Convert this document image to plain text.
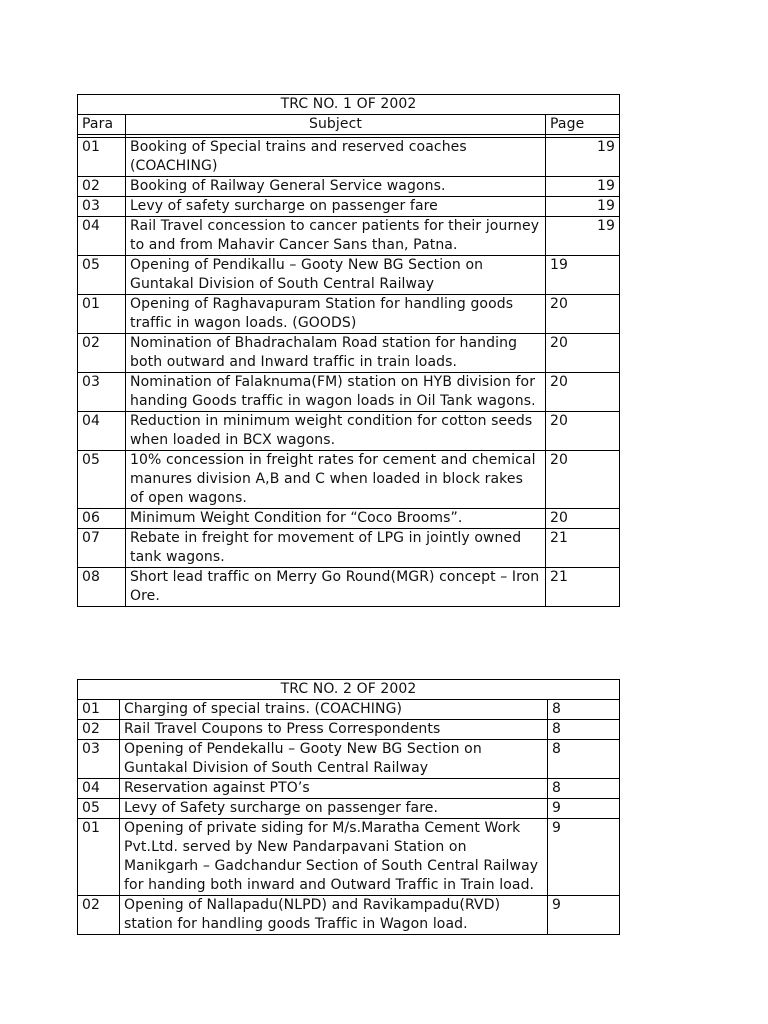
TRC NO. 1 OF 2002		
Para	Subject	Page

01	Booking of Special trains and reserved coaches (COACHING)	19
02	Booking of Railway General Service wagons.	19
03	Levy of safety surcharge on passenger fare	19
04	Rail Travel concession to cancer patients for their journey to and from Mahavir Cancer Sans than, Patna.	19
05	Opening of Pendikallu – Gooty New BG Section on Guntakal Division of South Central Railway	19
01	Opening of Raghavapuram Station for handling goods traffic in wagon loads. (GOODS)	20
02	Nomination of Bhadrachalam Road station for handing both outward and Inward traffic in train loads.	20
03	Nomination of Falaknuma(FM) station on HYB division for handing Goods traffic in wagon loads in Oil Tank wagons.	20
04	Reduction in minimum weight condition for cotton seeds when loaded in BCX wagons.	20
05	10% concession in freight rates for cement and chemical manures division A,B and C when loaded in block rakes of open wagons.	20
06	Minimum Weight Condition for “Coco Brooms”.	20
07	Rebate in freight for movement of LPG in jointly owned tank wagons.	21
08	Short lead traffic on Merry Go Round(MGR) concept – Iron Ore.	21
TRC NO. 2 OF 2002		
01	Charging of special trains. (COACHING)	8
02	Rail Travel Coupons to Press Correspondents	8
03	Opening of Pendekallu – Gooty New BG Section on Guntakal Division of South Central Railway	8
04	Reservation against PTO’s	8
05	Levy of Safety surcharge on passenger fare.	9
01	Opening of private siding for M/s.Maratha Cement Work Pvt.Ltd. served by New Pandarpavani Station on Manikgarh – Gadchandur Section of South Central Railway for handing both inward and Outward Traffic in Train load.	9
02	Opening of Nallapadu(NLPD) and Ravikampadu(RVD) station for handling goods Traffic in Wagon load.	9
